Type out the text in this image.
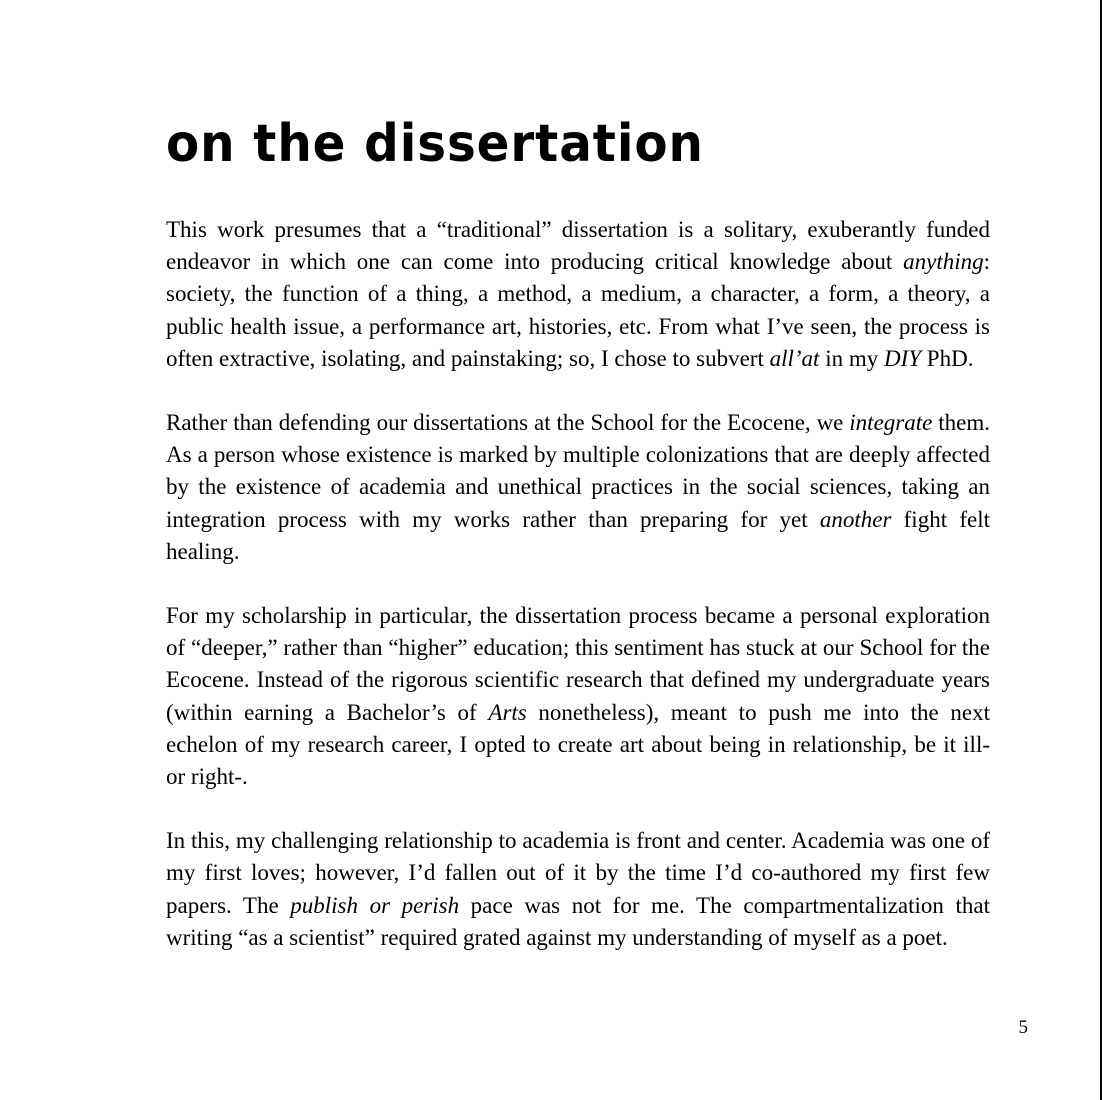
on the dissertation

This work presumes that a “traditional” dissertation is a solitary, exuberantly funded endeavor in which one can come into producing critical knowledge about anything: society, the function of a thing, a method, a medium, a character, a form, a theory, a public health issue, a performance art, histories, etc. From what I’ve seen, the process is often extractive, isolating, and painstaking; so, I chose to subvert all’at in my DIY PhD.

Rather than defending our dissertations at the School for the Ecocene, we integrate them. As a person whose existence is marked by multiple colonizations that are deeply affected by the existence of academia and unethical practices in the social sciences, taking an integration process with my works rather than preparing for yet another fight felt healing.

For my scholarship in particular, the dissertation process became a personal exploration of “deeper,” rather than “higher” education; this sentiment has stuck at our School for the Ecocene. Instead of the rigorous scientific research that defined my undergraduate years (within earning a Bachelor’s of Arts nonetheless), meant to push me into the next echelon of my research career, I opted to create art about being in relationship, be it ill- or right-.

In this, my challenging relationship to academia is front and center. Academia was one of my first loves; however, I’d fallen out of it by the time I’d co-authored my first few papers. The publish or perish pace was not for me. The compartmentalization that writing “as a scientist” required grated against my understanding of myself as a poet.

5
